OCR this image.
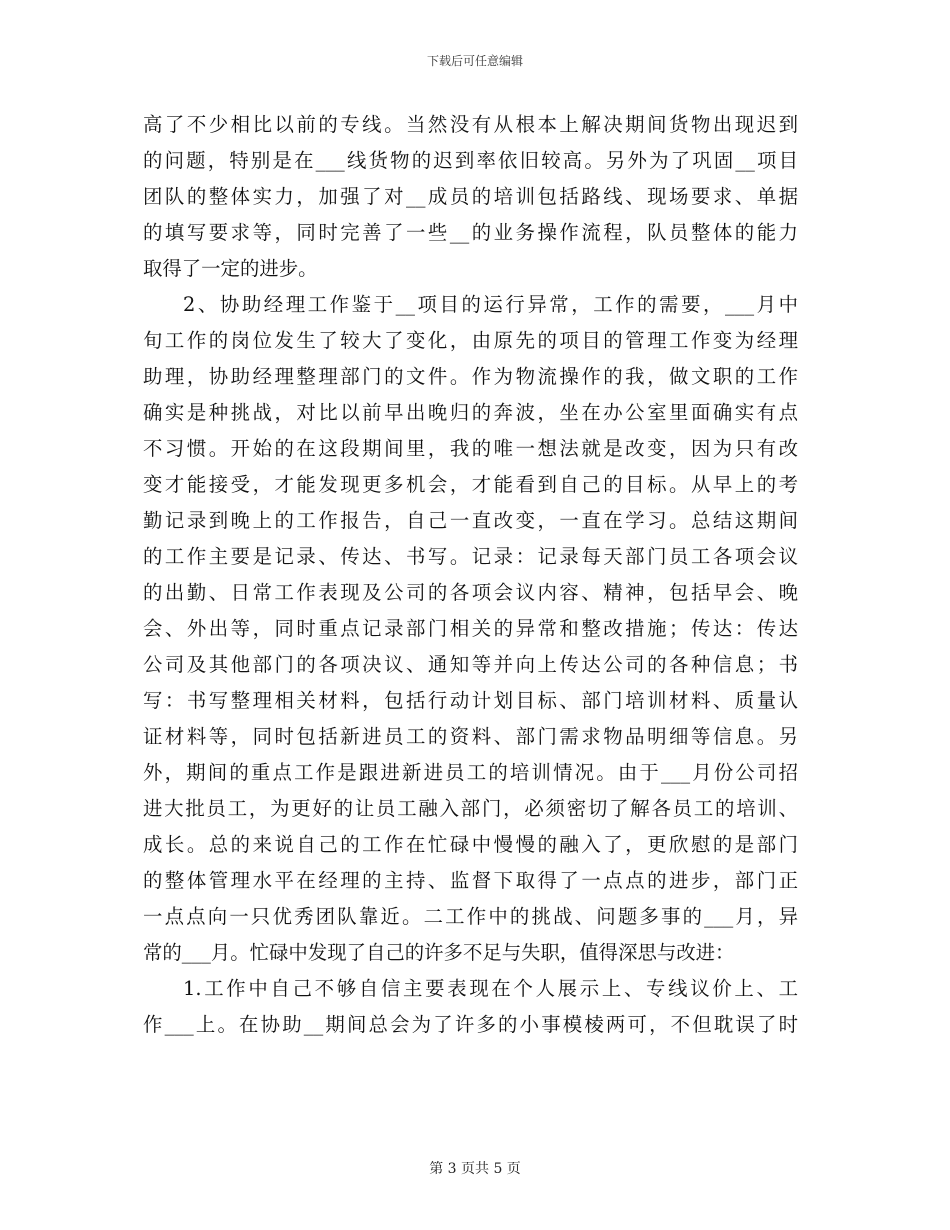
下载后可任意编辑
高了不少相比以前的专线。当然没有从根本上解决期间货物出现迟到
的问题，特别是在___线货物的迟到率依旧较高。另外为了巩固__项目
团队的整体实力，加强了对__成员的培训包括路线、现场要求、单据
的填写要求等，同时完善了一些__的业务操作流程，队员整体的能力
取得了一定的进步。
2、协助经理工作鉴于__项目的运行异常，工作的需要，___月中
旬工作的岗位发生了较大了变化，由原先的项目的管理工作变为经理
助理，协助经理整理部门的文件。作为物流操作的我，做文职的工作
确实是种挑战，对比以前早出晚归的奔波，坐在办公室里面确实有点
不习惯。开始的在这段期间里，我的唯一想法就是改变，因为只有改
变才能接受，才能发现更多机会，才能看到自己的目标。从早上的考
勤记录到晚上的工作报告，自己一直改变，一直在学习。总结这期间
的工作主要是记录、传达、书写。记录：记录每天部门员工各项会议
的出勤、日常工作表现及公司的各项会议内容、精神，包括早会、晚
会、外出等，同时重点记录部门相关的异常和整改措施；传达：传达
公司及其他部门的各项决议、通知等并向上传达公司的各种信息；书
写：书写整理相关材料，包括行动计划目标、部门培训材料、质量认
证材料等，同时包括新进员工的资料、部门需求物品明细等信息。另
外，期间的重点工作是跟进新进员工的培训情况。由于___月份公司招
进大批员工，为更好的让员工融入部门，必须密切了解各员工的培训、
成长。总的来说自己的工作在忙碌中慢慢的融入了，更欣慰的是部门
的整体管理水平在经理的主持、监督下取得了一点点的进步，部门正
一点点向一只优秀团队靠近。二工作中的挑战、问题多事的___月，异
常的___月。忙碌中发现了自己的许多不足与失职，值得深思与改进：
1.工作中自己不够自信主要表现在个人展示上、专线议价上、工
作___上。在协助__期间总会为了许多的小事模棱两可，不但耽误了时
第 3 页共 5 页
